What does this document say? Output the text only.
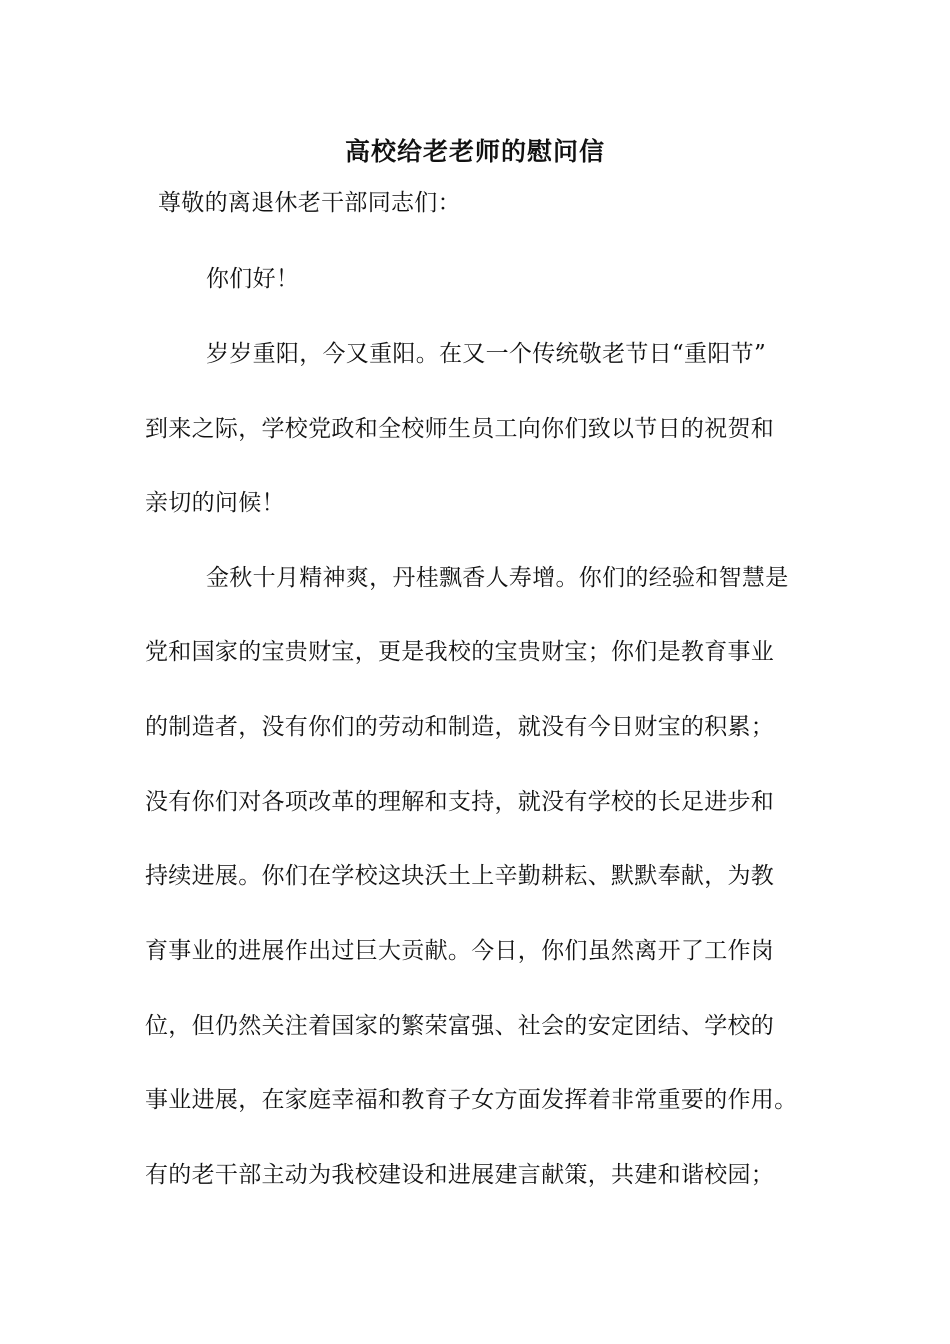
高校给老老师的慰问信
尊敬的离退休老干部同志们：
你们好！
岁岁重阳，今又重阳。在又一个传统敬老节日“重阳节”
到来之际，学校党政和全校师生员工向你们致以节日的祝贺和
亲切的问候！
金秋十月精神爽，丹桂飘香人寿增。你们的经验和智慧是
党和国家的宝贵财宝，更是我校的宝贵财宝；你们是教育事业
的制造者，没有你们的劳动和制造，就没有今日财宝的积累；
没有你们对各项改革的理解和支持，就没有学校的长足进步和
持续进展。你们在学校这块沃土上辛勤耕耘、默默奉献，为教
育事业的进展作出过巨大贡献。今日，你们虽然离开了工作岗
位，但仍然关注着国家的繁荣富强、社会的安定团结、学校的
事业进展，在家庭幸福和教育子女方面发挥着非常重要的作用。
有的老干部主动为我校建设和进展建言献策，共建和谐校园；
